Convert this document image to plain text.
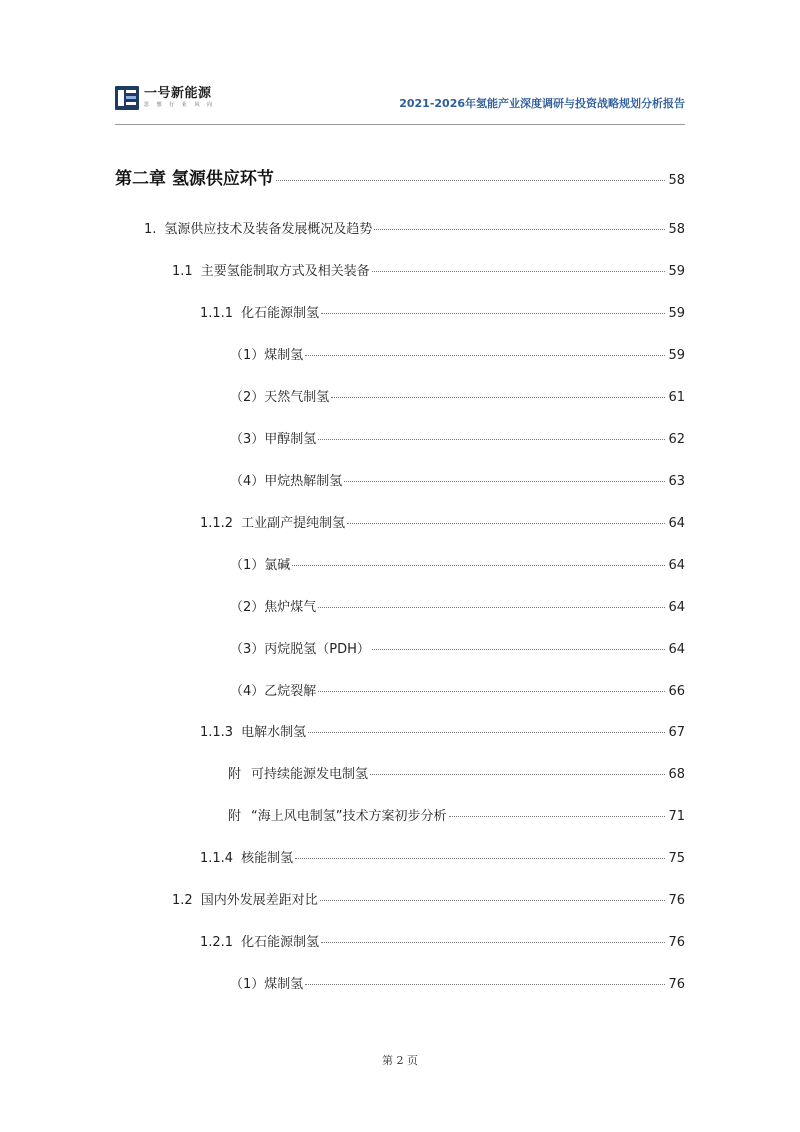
一号新能源
思 想 行 业 风 向	2021-2026年氢能产业深度调研与投资战略规划分析报告
第二章 氢源供应环节	58
1. 氢源供应技术及装备发展概况及趋势	58
1.1 主要氢能制取方式及相关装备	59
1.1.1 化石能源制氢	59
（1） 煤制氢	59
（2） 天然气制氢	61
（3） 甲醇制氢	62
（4） 甲烷热解制氢	63
1.1.2 工业副产提纯制氢	64
（1） 氯碱	64
（2） 焦炉煤气	64
（3） 丙烷脱氢（PDH）	64
（4） 乙烷裂解	66
1.1.3 电解水制氢	67
附 可持续能源发电制氢	68
附 “海上风电制氢”技术方案初步分析	71
1.1.4 核能制氢	75
1.2 国内外发展差距对比	76
1.2.1 化石能源制氢	76
（1） 煤制氢	76
第 2 页
